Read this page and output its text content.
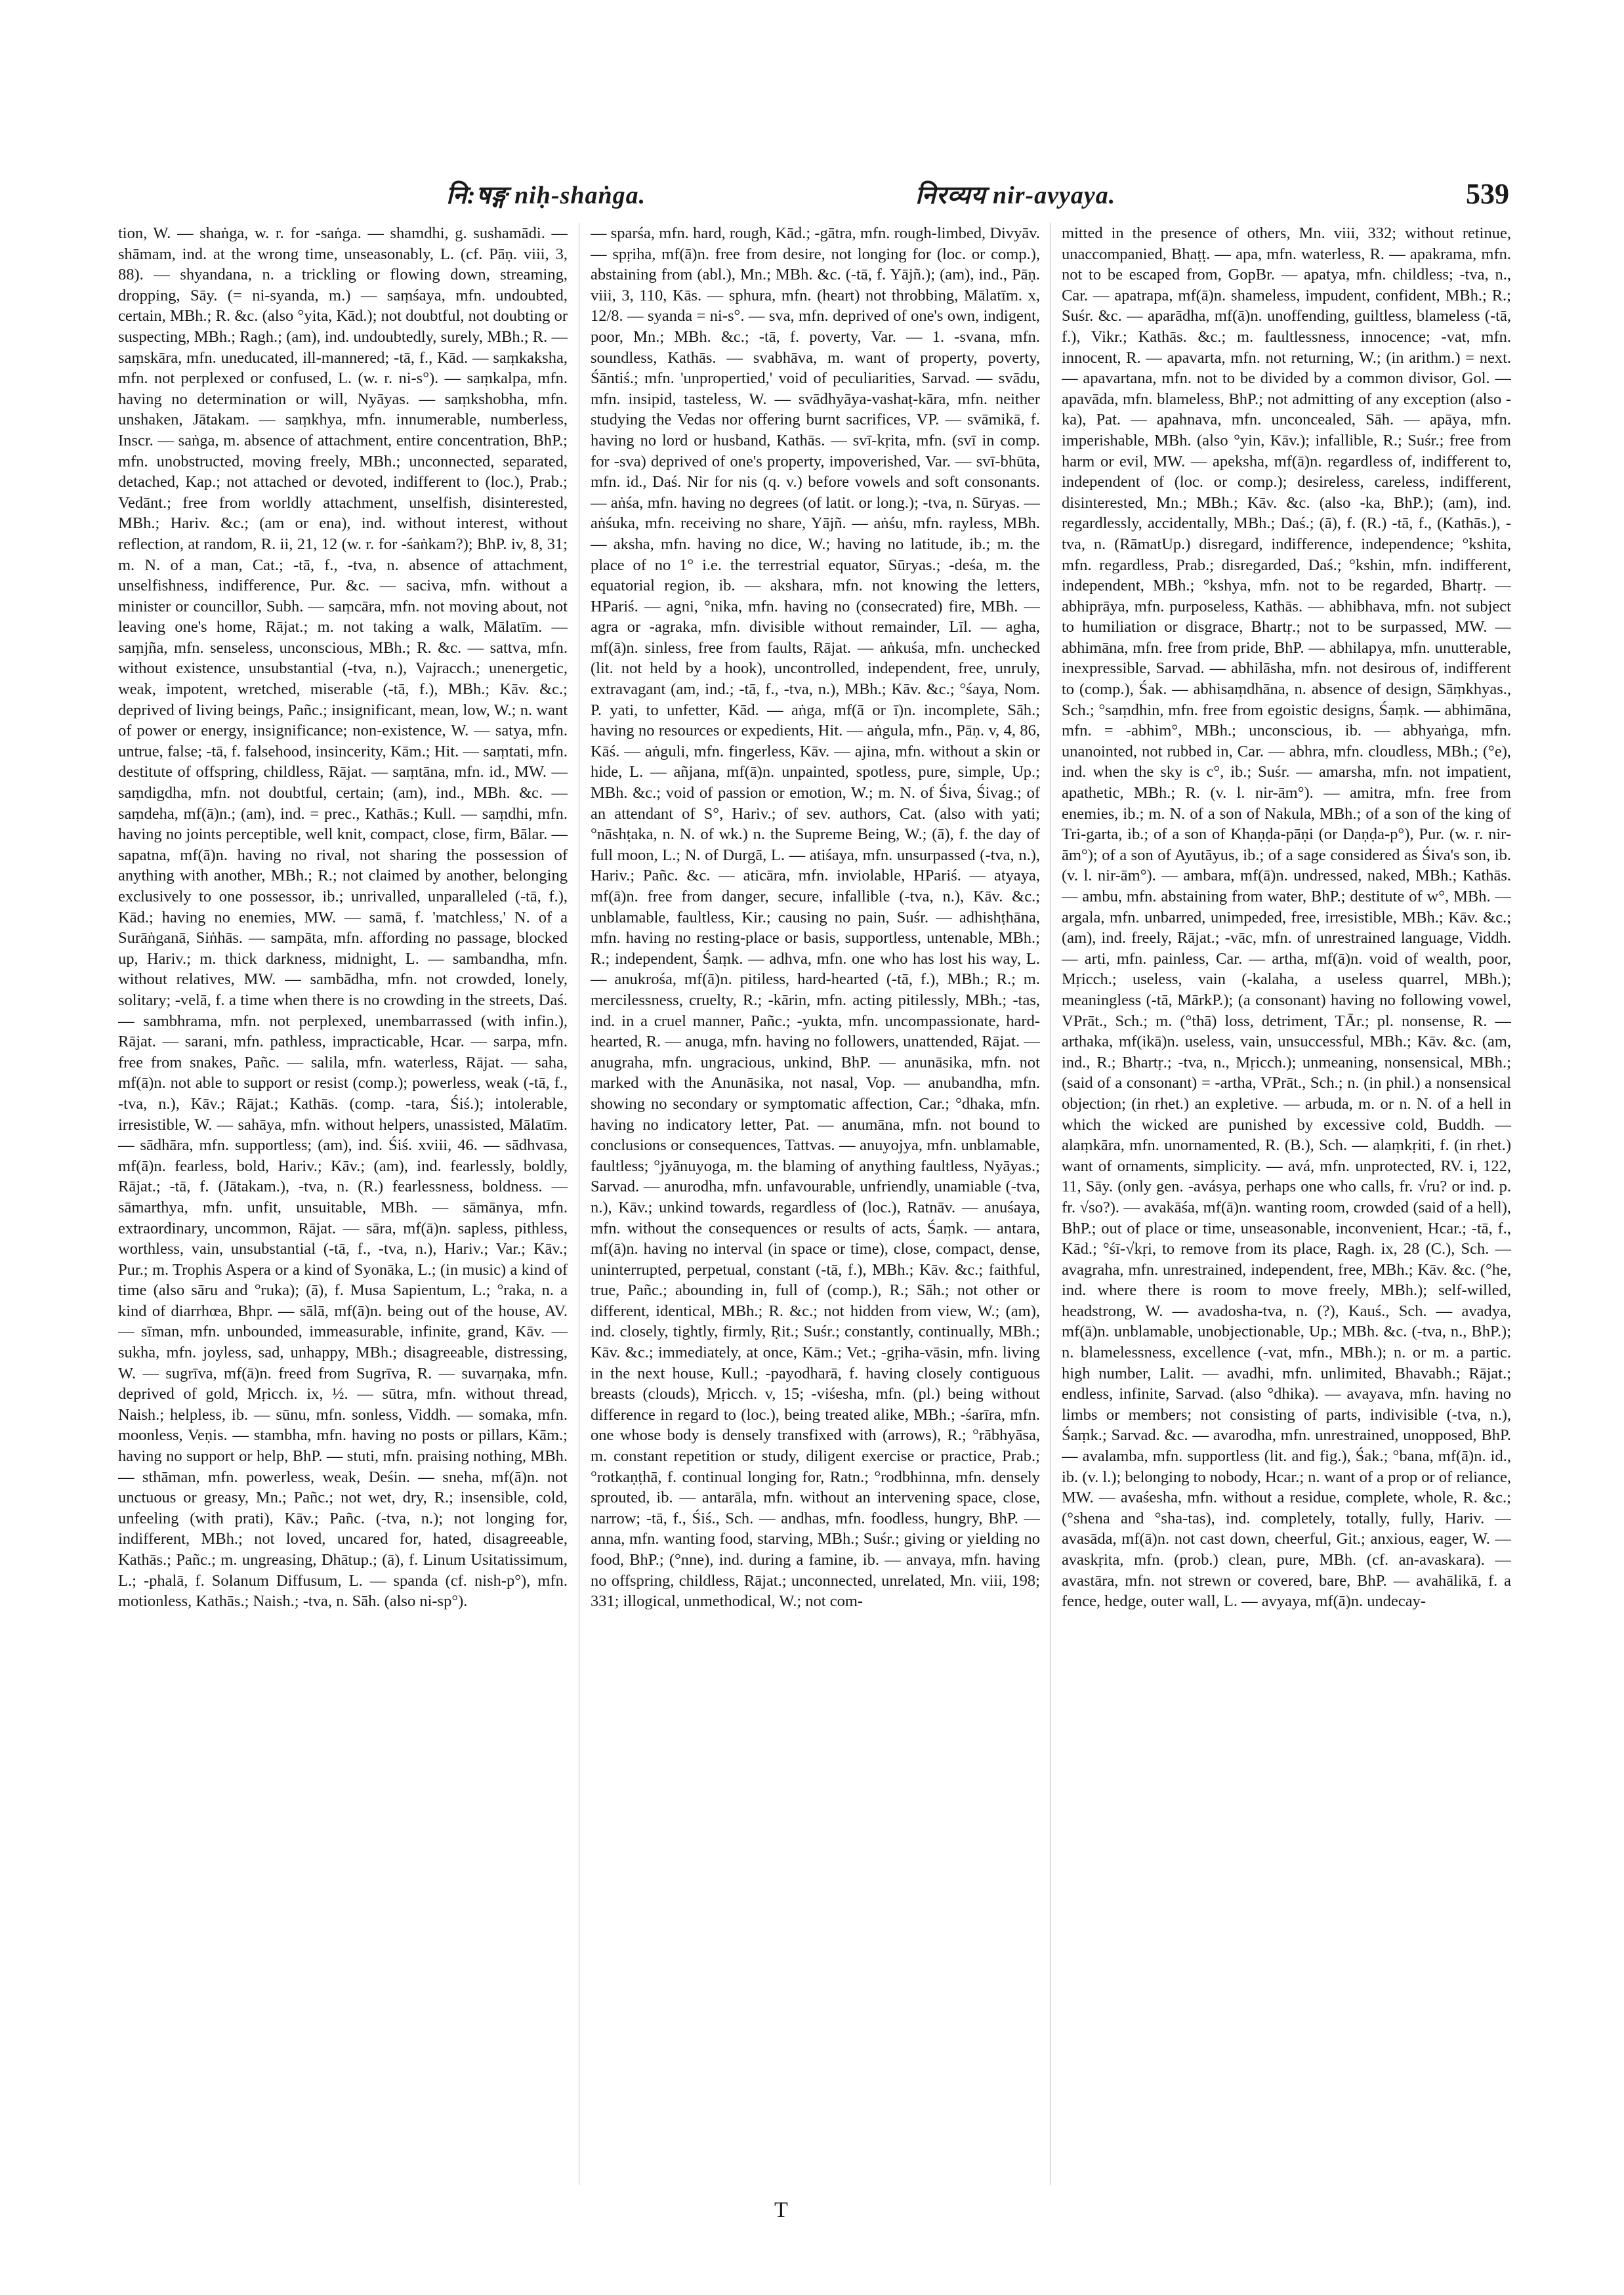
नि:षङ्ग niḥ-shaṅga.	निरव्यय nir-avyaya.	539
tion, W. — shaṅga, w. r. for -saṅga. — shamdhi, g. sushamādi. — shāmam, ind. at the wrong time, unseasonably, L. (cf. Pāṇ. viii, 3, 88). — shyandana, n. a trickling or flowing down, streaming, dropping, Sāy. (= ni-syanda, m.) — saṃśaya, mfn. undoubted, certain, MBh.; R. &c. (also °yita, Kād.); not doubtful, not doubting or suspecting, MBh.; Ragh.; (am), ind. undoubtedly, surely, MBh.; R. — saṃskāra, mfn. uneducated, ill-mannered; -tā, f., Kād. — saṃkaksha, mfn. not perplexed or confused, L. (w. r. ni-s°). — saṃkalpa, mfn. having no determination or will, Nyāyas. — saṃkshobha, mfn. unshaken, Jātakam. — saṃkhya, mfn. innumerable, numberless, Inscr. — saṅga, m. absence of attachment, entire concentration, BhP.; mfn. unobstructed, moving freely, MBh.; unconnected, separated, detached, Kap.; not attached or devoted, indifferent to (loc.), Prab.; Vedānt.; free from worldly attachment, unselfish, disinterested, MBh.; Hariv. &c.; (am or ena), ind. without interest, without reflection, at random, R. ii, 21, 12 (w. r. for -śaṅkam?); BhP. iv, 8, 31; m. N. of a man, Cat.; -tā, f., -tva, n. absence of attachment, unselfishness, indifference, Pur. &c. — saciva, mfn. without a minister or councillor, Subh. — saṃcāra, mfn. not moving about, not leaving one's home, Rājat.; m. not taking a walk, Mālatīm. — saṃjña, mfn. senseless, unconscious, MBh.; R. &c. — sattva, mfn. without existence, unsubstantial (-tva, n.), Vajracch.; unenergetic, weak, impotent, wretched, miserable (-tā, f.), MBh.; Kāv. &c.; deprived of living beings, Pañc.; insignificant, mean, low, W.; n. want of power or energy, insignificance; non-existence, W. — satya, mfn. untrue, false; -tā, f. falsehood, insincerity, Kām.; Hit. — saṃtati, mfn. destitute of offspring, childless, Rājat. — saṃtāna, mfn. id., MW. — saṃdigdha, mfn. not doubtful, certain; (am), ind., MBh. &c. — saṃdeha, mf(ā)n.; (am), ind. = prec., Kathās.; Kull. — saṃdhi, mfn. having no joints perceptible, well knit, compact, close, firm, Bālar. — sapatna, mf(ā)n. having no rival, not sharing the possession of anything with another, MBh.; R.; not claimed by another, belonging exclusively to one possessor, ib.; unrivalled, unparalleled (-tā, f.), Kād.; having no enemies, MW. — samā, f. 'matchless,' N. of a Surāṅganā, Siṅhās. — sampāta, mfn. affording no passage, blocked up, Hariv.; m. thick darkness, midnight, L. — sambandha, mfn. without relatives, MW. — sambādha, mfn. not crowded, lonely, solitary; -velā, f. a time when there is no crowding in the streets, Daś. — sambhrama, mfn. not perplexed, unembarrassed (with infin.), Rājat. — sarani, mfn. pathless, impracticable, Hcar. — sarpa, mfn. free from snakes, Pañc. — salila, mfn. waterless, Rājat. — saha, mf(ā)n. not able to support or resist (comp.); powerless, weak (-tā, f., -tva, n.), Kāv.; Rājat.; Kathās. (comp. -tara, Śiś.); intolerable, irresistible, W. — sahāya, mfn. without helpers, unassisted, Mālatīm. — sādhāra, mfn. supportless; (am), ind. Śiś. xviii, 46. — sādhvasa, mf(ā)n. fearless, bold, Hariv.; Kāv.; (am), ind. fearlessly, boldly, Rājat.; -tā, f. (Jātakam.), -tva, n. (R.) fearlessness, boldness. — sāmarthya, mfn. unfit, unsuitable, MBh. — sāmānya, mfn. extraordinary, uncommon, Rājat. — sāra, mf(ā)n. sapless, pithless, worthless, vain, unsubstantial (-tā, f., -tva, n.), Hariv.; Var.; Kāv.; Pur.; m. Trophis Aspera or a kind of Syonāka, L.; (in music) a kind of time (also sāru and °ruka); (ā), f. Musa Sapientum, L.; °raka, n. a kind of diarrhœa, Bhpr. — sālā, mf(ā)n. being out of the house, AV. — sīman, mfn. unbounded, immeasurable, infinite, grand, Kāv. — sukha, mfn. joyless, sad, unhappy, MBh.; disagreeable, distressing, W. — sugrīva, mf(ā)n. freed from Sugrīva, R. — suvarṇaka, mfn. deprived of gold, Mṛicch. ix, ½. — sūtra, mfn. without thread, Naish.; helpless, ib. — sūnu, mfn. sonless, Viddh. — somaka, mfn. moonless, Veṇis. — stambha, mfn. having no posts or pillars, Kām.; having no support or help, BhP. — stuti, mfn. praising nothing, MBh. — sthāman, mfn. powerless, weak, Deśin. — sneha, mf(ā)n. not unctuous or greasy, Mn.; Pañc.; not wet, dry, R.; insensible, cold, unfeeling (with prati), Kāv.; Pañc. (-tva, n.); not longing for, indifferent, MBh.; not loved, uncared for, hated, disagreeable, Kathās.; Pañc.; m. ungreasing, Dhātup.; (ā), f. Linum Usitatissimum, L.; -phalā, f. Solanum Diffusum, L. — spanda (cf. nish-p°), mfn. motionless, Kathās.; Naish.; -tva, n. Sāh. (also ni-sp°).
— sparśa, mfn. hard, rough, Kād.; -gātra, mfn. rough-limbed, Divyāv. — spṛiha, mf(ā)n. free from desire, not longing for (loc. or comp.), abstaining from (abl.), Mn.; MBh. &c. (-tā, f. Yājñ.); (am), ind., Pāṇ. viii, 3, 110, Kās. — sphura, mfn. (heart) not throbbing, Mālatīm. x, 12/8. — syanda = ni-s°. — sva, mfn. deprived of one's own, indigent, poor, Mn.; MBh. &c.; -tā, f. poverty, Var. — 1. -svana, mfn. soundless, Kathās. — svabhāva, m. want of property, poverty, Śāntiś.; mfn. 'unpropertied,' void of peculiarities, Sarvad. — svādu, mfn. insipid, tasteless, W. — svādhyāya-vashaṭ-kāra, mfn. neither studying the Vedas nor offering burnt sacrifices, VP. — svāmikā, f. having no lord or husband, Kathās. — svī-kṛita, mfn. (svī in comp. for -sva) deprived of one's property, impoverished, Var. — svī-bhūta, mfn. id., Daś. Nir for nis (q. v.) before vowels and soft consonants. — aṅśa, mfn. having no degrees (of latit. or long.); -tva, n. Sūryas. — aṅśuka, mfn. receiving no share, Yājñ. — aṅśu, mfn. rayless, MBh. — aksha, mfn. having no dice, W.; having no latitude, ib.; m. the place of no 1° i.e. the terrestrial equator, Sūryas.; -deśa, m. the equatorial region, ib. — akshara, mfn. not knowing the letters, HPariś. — agni, °nika, mfn. having no (consecrated) fire, MBh. — agra or -agraka, mfn. divisible without remainder, Līl. — agha, mf(ā)n. sinless, free from faults, Rājat. — aṅkuśa, mfn. unchecked (lit. not held by a hook), uncontrolled, independent, free, unruly, extravagant (am, ind.; -tā, f., -tva, n.), MBh.; Kāv. &c.; °śaya, Nom. P. yati, to unfetter, Kād. — aṅga, mf(ā or ī)n. incomplete, Sāh.; having no resources or expedients, Hit. — aṅgula, mfn., Pāṇ. v, 4, 86, Kāś. — aṅguli, mfn. fingerless, Kāv. — ajina, mfn. without a skin or hide, L. — añjana, mf(ā)n. unpainted, spotless, pure, simple, Up.; MBh. &c.; void of passion or emotion, W.; m. N. of Śiva, Śivag.; of an attendant of S°, Hariv.; of sev. authors, Cat. (also with yati; °nāshṭaka, n. N. of wk.) n. the Supreme Being, W.; (ā), f. the day of full moon, L.; N. of Durgā, L. — atiśaya, mfn. unsurpassed (-tva, n.), Hariv.; Pañc. &c. — aticāra, mfn. inviolable, HPariś. — atyaya, mf(ā)n. free from danger, secure, infallible (-tva, n.), Kāv. &c.; unblamable, faultless, Kir.; causing no pain, Suśr. — adhishṭhāna, mfn. having no resting-place or basis, supportless, untenable, MBh.; R.; independent, Śaṃk. — adhva, mfn. one who has lost his way, L. — anukrośa, mf(ā)n. pitiless, hard-hearted (-tā, f.), MBh.; R.; m. mercilessness, cruelty, R.; -kārin, mfn. acting pitilessly, MBh.; -tas, ind. in a cruel manner, Pañc.; -yukta, mfn. uncompassionate, hard-hearted, R. — anuga, mfn. having no followers, unattended, Rājat. — anugraha, mfn. ungracious, unkind, BhP. — anunāsika, mfn. not marked with the Anunāsika, not nasal, Vop. — anubandha, mfn. showing no secondary or symptomatic affection, Car.; °dhaka, mfn. having no indicatory letter, Pat. — anumāna, mfn. not bound to conclusions or consequences, Tattvas. — anuyojya, mfn. unblamable, faultless; °jyānuyoga, m. the blaming of anything faultless, Nyāyas.; Sarvad. — anurodha, mfn. unfavourable, unfriendly, unamiable (-tva, n.), Kāv.; unkind towards, regardless of (loc.), Ratnāv. — anuśaya, mfn. without the consequences or results of acts, Śaṃk. — antara, mf(ā)n. having no interval (in space or time), close, compact, dense, uninterrupted, perpetual, constant (-tā, f.), MBh.; Kāv. &c.; faithful, true, Pañc.; abounding in, full of (comp.), R.; Sāh.; not other or different, identical, MBh.; R. &c.; not hidden from view, W.; (am), ind. closely, tightly, firmly, Ṛit.; Suśr.; constantly, continually, MBh.; Kāv. &c.; immediately, at once, Kām.; Vet.; -gṛiha-vāsin, mfn. living in the next house, Kull.; -payodharā, f. having closely contiguous breasts (clouds), Mṛicch. v, 15; -viśesha, mfn. (pl.) being without difference in regard to (loc.), being treated alike, MBh.; -śarīra, mfn. one whose body is densely transfixed with (arrows), R.; °rābhyāsa, m. constant repetition or study, diligent exercise or practice, Prab.; °rotkaṇṭhā, f. continual longing for, Ratn.; °rodbhinna, mfn. densely sprouted, ib. — antarāla, mfn. without an intervening space, close, narrow; -tā, f., Śiś., Sch. — andhas, mfn. foodless, hungry, BhP. — anna, mfn. wanting food, starving, MBh.; Suśr.; giving or yielding no food, BhP.; (°nne), ind. during a famine, ib. — anvaya, mfn. having no offspring, childless, Rājat.; unconnected, unrelated, Mn. viii, 198; 331; illogical, unmethodical, W.; not com-
mitted in the presence of others, Mn. viii, 332; without retinue, unaccompanied, Bhaṭṭ. — apa, mfn. waterless, R. — apakrama, mfn. not to be escaped from, GopBr. — apatya, mfn. childless; -tva, n., Car. — apatrapa, mf(ā)n. shameless, impudent, confident, MBh.; R.; Suśr. &c. — aparādha, mf(ā)n. unoffending, guiltless, blameless (-tā, f.), Vikr.; Kathās. &c.; m. faultlessness, innocence; -vat, mfn. innocent, R. — apavarta, mfn. not returning, W.; (in arithm.) = next. — apavartana, mfn. not to be divided by a common divisor, Gol. — apavāda, mfn. blameless, BhP.; not admitting of any exception (also -ka), Pat. — apahnava, mfn. unconcealed, Sāh. — apāya, mfn. imperishable, MBh. (also °yin, Kāv.); infallible, R.; Suśr.; free from harm or evil, MW. — apeksha, mf(ā)n. regardless of, indifferent to, independent of (loc. or comp.); desireless, careless, indifferent, disinterested, Mn.; MBh.; Kāv. &c. (also -ka, BhP.); (am), ind. regardlessly, accidentally, MBh.; Daś.; (ā), f. (R.) -tā, f., (Kathās.), -tva, n. (RāmatUp.) disregard, indifference, independence; °kshita, mfn. regardless, Prab.; disregarded, Daś.; °kshin, mfn. indifferent, independent, MBh.; °kshya, mfn. not to be regarded, Bhartṛ. — abhiprāya, mfn. purposeless, Kathās. — abhibhava, mfn. not subject to humiliation or disgrace, Bhartṛ.; not to be surpassed, MW. — abhimāna, mfn. free from pride, BhP. — abhilapya, mfn. unutterable, inexpressible, Sarvad. — abhilāsha, mfn. not desirous of, indifferent to (comp.), Śak. — abhisaṃdhāna, n. absence of design, Sāṃkhyas., Sch.; °saṃdhin, mfn. free from egoistic designs, Śaṃk. — abhimāna, mfn. = -abhim°, MBh.; unconscious, ib. — abhyaṅga, mfn. unanointed, not rubbed in, Car. — abhra, mfn. cloudless, MBh.; (°e), ind. when the sky is c°, ib.; Suśr. — amarsha, mfn. not impatient, apathetic, MBh.; R. (v. l. nir-ām°). — amitra, mfn. free from enemies, ib.; m. N. of a son of Nakula, MBh.; of a son of the king of Tri-garta, ib.; of a son of Khaṇḍa-pāṇi (or Daṇḍa-p°), Pur. (w. r. nir-ām°); of a son of Ayutāyus, ib.; of a sage considered as Śiva's son, ib. (v. l. nir-ām°). — ambara, mf(ā)n. undressed, naked, MBh.; Kathās. — ambu, mfn. abstaining from water, BhP.; destitute of w°, MBh. — argala, mfn. unbarred, unimpeded, free, irresistible, MBh.; Kāv. &c.; (am), ind. freely, Rājat.; -vāc, mfn. of unrestrained language, Viddh. — arti, mfn. painless, Car. — artha, mf(ā)n. void of wealth, poor, Mṛicch.; useless, vain (-kalaha, a useless quarrel, MBh.); meaningless (-tā, MārkP.); (a consonant) having no following vowel, VPrāt., Sch.; m. (°thā) loss, detriment, TĀr.; pl. nonsense, R. — arthaka, mf(ikā)n. useless, vain, unsuccessful, MBh.; Kāv. &c. (am, ind., R.; Bhartṛ.; -tva, n., Mṛicch.); unmeaning, nonsensical, MBh.; (said of a consonant) = -artha, VPrāt., Sch.; n. (in phil.) a nonsensical objection; (in rhet.) an expletive. — arbuda, m. or n. N. of a hell in which the wicked are punished by excessive cold, Buddh. — alaṃkāra, mfn. unornamented, R. (B.), Sch. — alaṃkṛiti, f. (in rhet.) want of ornaments, simplicity. — avá, mfn. unprotected, RV. i, 122, 11, Sāy. (only gen. -avásya, perhaps one who calls, fr. √ru? or ind. p. fr. √so?). — avakāśa, mf(ā)n. wanting room, crowded (said of a hell), BhP.; out of place or time, unseasonable, inconvenient, Hcar.; -tā, f., Kād.; °śī-√kṛi, to remove from its place, Ragh. ix, 28 (C.), Sch. — avagraha, mfn. unrestrained, independent, free, MBh.; Kāv. &c. (°he, ind. where there is room to move freely, MBh.); self-willed, headstrong, W. — avadosha-tva, n. (?), Kauś., Sch. — avadya, mf(ā)n. unblamable, unobjectionable, Up.; MBh. &c. (-tva, n., BhP.); n. blamelessness, excellence (-vat, mfn., MBh.); n. or m. a partic. high number, Lalit. — avadhi, mfn. unlimited, Bhavabh.; Rājat.; endless, infinite, Sarvad. (also °dhika). — avayava, mfn. having no limbs or members; not consisting of parts, indivisible (-tva, n.), Śaṃk.; Sarvad. &c. — avarodha, mfn. unrestrained, unopposed, BhP. — avalamba, mfn. supportless (lit. and fig.), Śak.; °bana, mf(ā)n. id., ib. (v. l.); belonging to nobody, Hcar.; n. want of a prop or of reliance, MW. — avaśesha, mfn. without a residue, complete, whole, R. &c.; (°shena and °sha-tas), ind. completely, totally, fully, Hariv. — avasāda, mf(ā)n. not cast down, cheerful, Git.; anxious, eager, W. — avaskṛita, mfn. (prob.) clean, pure, MBh. (cf. an-avaskara). — avastāra, mfn. not strewn or covered, bare, BhP. — avahālikā, f. a fence, hedge, outer wall, L. — avyaya, mf(ā)n. undecay-
T
